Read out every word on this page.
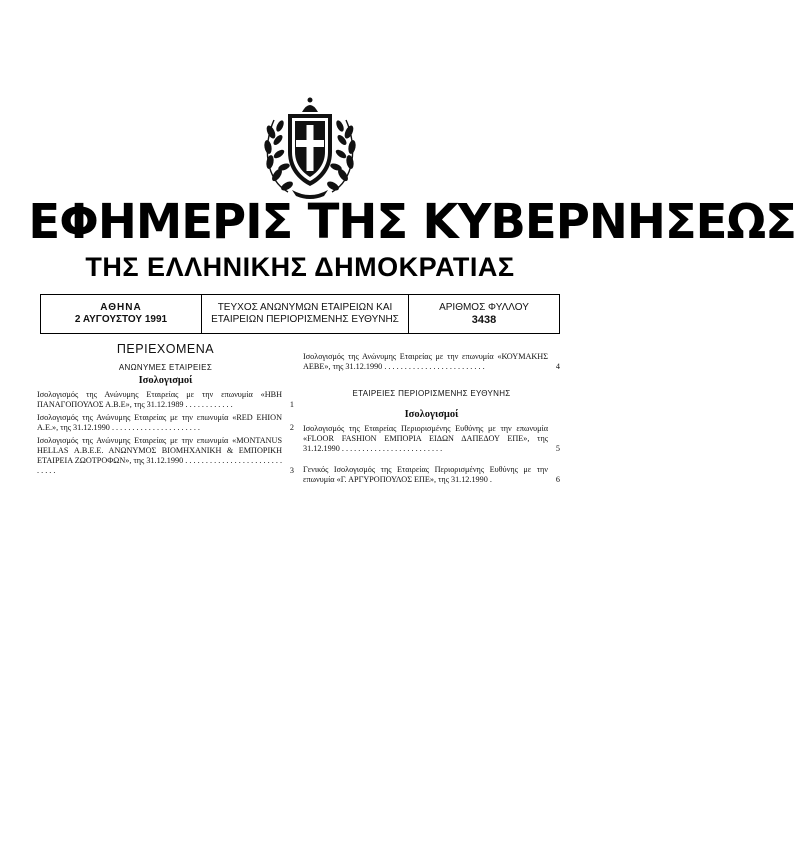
ΕΦΗΜΕΡΙΣ ΤΗΣ ΚΥΒΕΡΝΗΣΕΩΣ
ΤΗΣ ΕΛΛΗΝΙΚΗΣ ΔΗΜΟΚΡΑΤΙΑΣ
ΑΘΗΝΑ
2 ΑΥΓΟΥΣΤΟΥ 1991
ΤΕΥΧΟΣ ΑΝΩΝΥΜΩΝ ΕΤΑΙΡΕΙΩΝ ΚΑΙ
ΕΤΑΙΡΕΙΩΝ ΠΕΡΙΟΡΙΣΜΕΝΗΣ ΕΥΘΥΝΗΣ
ΑΡΙΘΜΟΣ ΦΥΛΛΟΥ
3438
ΠΕΡΙΕΧΟΜΕΝΑ
ΑΝΩΝΥΜΕΣ ΕΤΑΙΡΕΙΕΣ
Ισολογισμοί
Ισολογισμός της Ανώνυμης Εταιρείας με την επωνυμία «ΗΒΗ ΠΑΝΑΓΟΠΟΥΛΟΣ Α.Β.Ε», της 31.12.1989 . . . . . . . . . . . .	1
Ισολογισμός της Ανώνυμης Εταιρείας με την επωνυμία «RED EHION Α.Ε.», της 31.12.1990 . . . . . . . . . . . . . . . . . . . . . .	2
Ισολογισμός της Ανώνυμης Εταιρείας με την επωνυμία «MONTANUS HELLAS Α.Β.Ε.Ε. ΑΝΩΝΥΜΟΣ ΒΙΟΜΗΧΑΝΙΚΗ & ΕΜΠΟΡΙΚΗ ΕΤΑΙΡΕΙΑ ΖΩΟΤΡΟΦΩΝ», της 31.12.1990 . . . . . . . . . . . . . . . . . . . . . . . . . . . . .	3
Ισολογισμός της Ανώνυμης Εταιρείας με την επωνυμία «ΚΟΥΜΑΚΗΣ ΑΕΒΕ», της 31.12.1990 . . . . . . . . . . . . . . . . . . . . . . . . .	4
ΕΤΑΙΡΕΙΕΣ ΠΕΡΙΟΡΙΣΜΕΝΗΣ ΕΥΘΥΝΗΣ
Ισολογισμοί
Ισολογισμός της Εταιρείας Περιορισμένης Ευθύνης με την επωνυμία «FLOOR FASHION ΕΜΠΟΡΙΑ ΕΙΔΩΝ ΔΑΠΕΔΟΥ ΕΠΕ», της 31.12.1990 . . . . . . . . . . . . . . . . . . . . . . . . .	5
Γενικός Ισολογισμός της Εταιρείας Περιορισμένης Ευθύνης με την επωνυμία «Γ. ΑΡΓΥΡΟΠΟΥΛΟΣ ΕΠΕ», της 31.12.1990 .	6
